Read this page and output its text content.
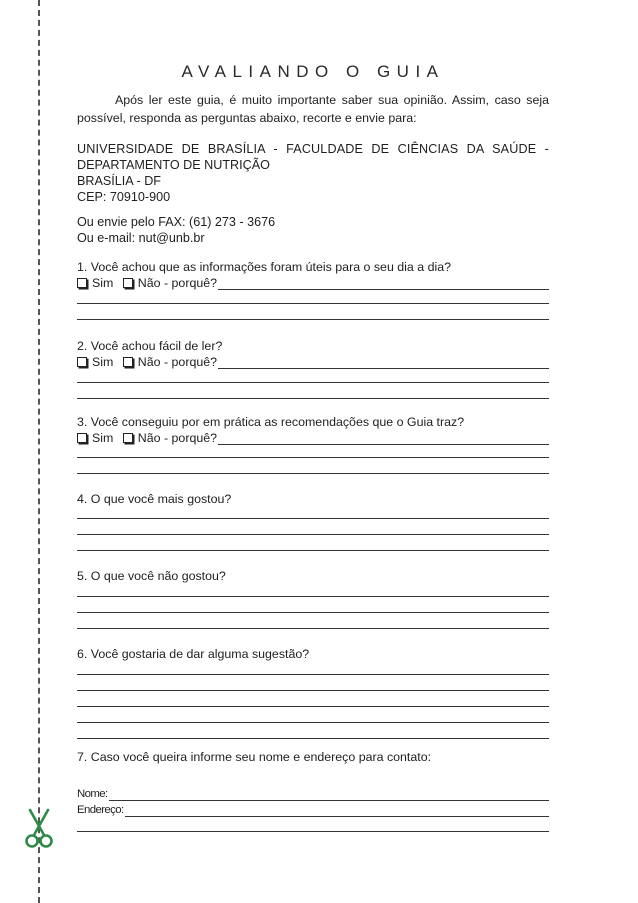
AVALIANDO O GUIA

Após ler este guia, é muito importante saber sua opinião. Assim, caso seja
possível, responda as perguntas abaixo, recorte e envie para:

UNIVERSIDADE DE BRASÍLIA - FACULDADE DE CIÊNCIAS DA SAÚDE -
DEPARTAMENTO DE NUTRIÇÃO
BRASÍLIA - DF
CEP: 70910-900
Ou envie pelo FAX: (61) 273 - 3676
Ou e-mail: nut@unb.br
1. Você achou que as informações foram úteis para o seu dia a dia?
Sim Não - porquê?
2. Você achou fácil de ler?
Sim Não - porquê?
3. Você conseguiu por em prática as recomendações que o Guia traz?
Sim Não - porquê?
4. O que você mais gostou?
5. O que você não gostou?
6. Você gostaria de dar alguma sugestão?
7. Caso você queira informe seu nome e endereço para contato:
Nome:
Endereço:
